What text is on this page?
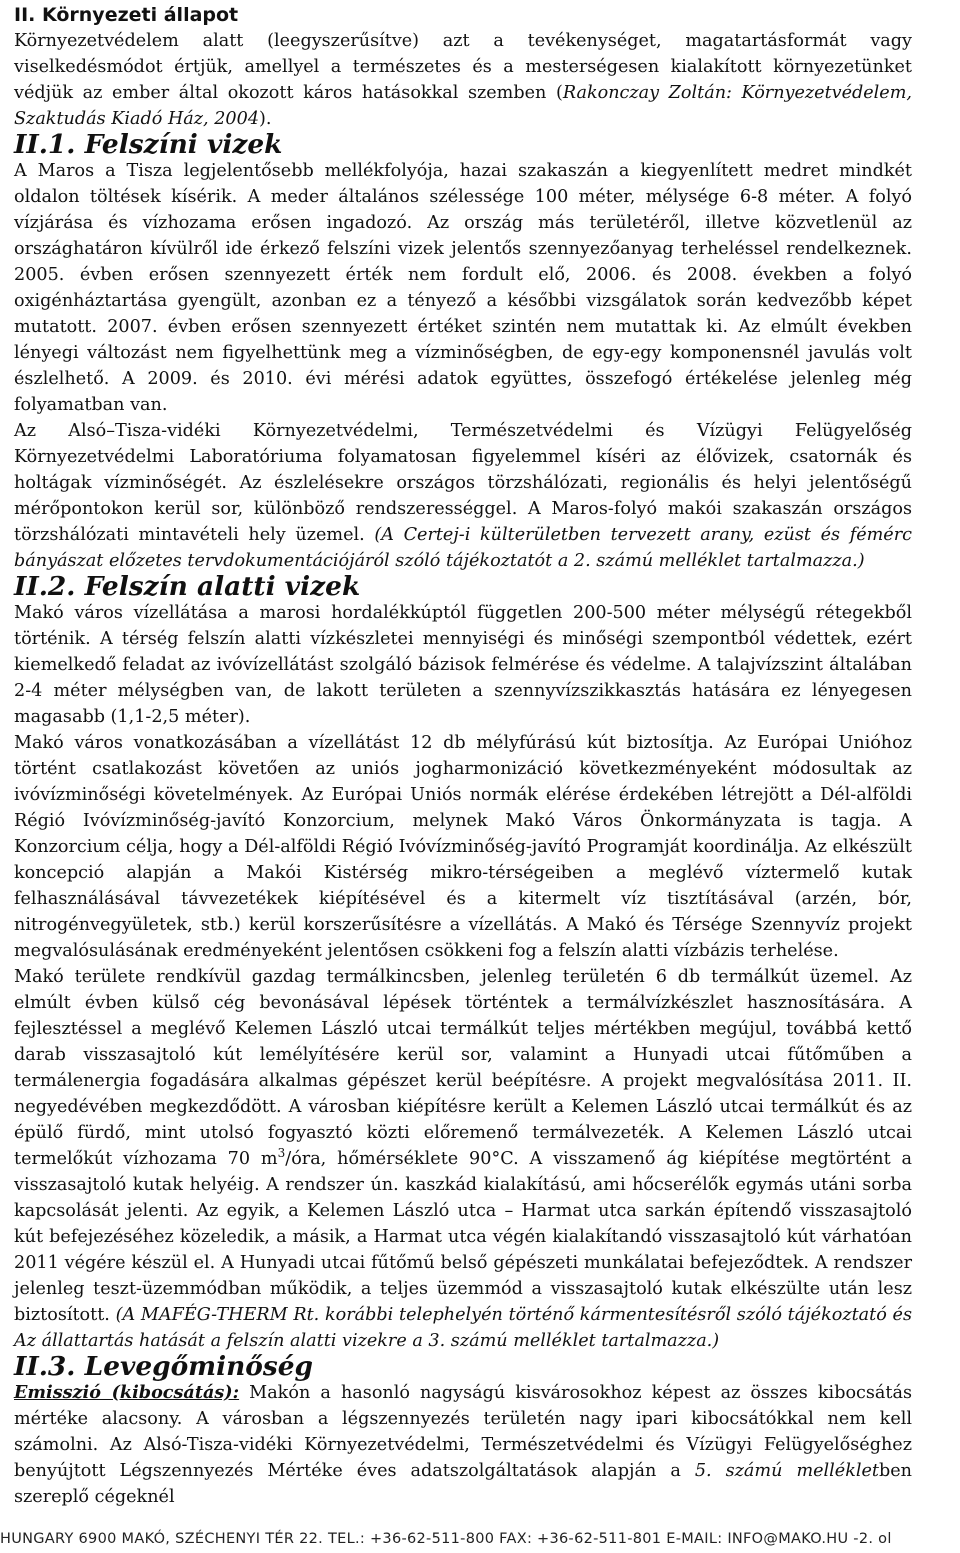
II. Környezeti állapot

Környezetvédelem alatt (leegyszerűsítve) azt a tevékenységet, magatartásformát vagy viselkedésmódot értjük, amellyel a természetes és a mesterségesen kialakított környezetünket védjük az ember által okozott káros hatásokkal szemben (Rakonczay Zoltán: Környezetvédelem, Szaktudás Kiadó Ház, 2004).

II.1. Felszíni vizek

A Maros a Tisza legjelentősebb mellékfolyója, hazai szakaszán a kiegyenlített medret mindkét oldalon töltések kísérik. A meder általános szélessége 100 méter, mélysége 6-8 méter. A folyó vízjárása és vízhozama erősen ingadozó. Az ország más területéről, illetve közvetlenül az országhatáron kívülről ide érkező felszíni vizek jelentős szennyezőanyag terheléssel rendelkeznek. 2005. évben erősen szennyezett érték nem fordult elő, 2006. és 2008. években a folyó oxigénháztartása gyengült, azonban ez a tényező a későbbi vizsgálatok során kedvezőbb képet mutatott. 2007. évben erősen szennyezett értéket szintén nem mutattak ki. Az elmúlt években lényegi változást nem figyelhettünk meg a vízminőségben, de egy-egy komponensnél javulás volt észlelhető. A 2009. és 2010. évi mérési adatok együttes, összefogó értékelése jelenleg még folyamatban van.

Az Alsó–Tisza-vidéki Környezetvédelmi, Természetvédelmi és Vízügyi Felügyelőség Környezetvédelmi Laboratóriuma folyamatosan figyelemmel kíséri az élővizek, csatornák és holtágak vízminőségét. Az észlelésekre országos törzshálózati, regionális és helyi jelentőségű mérőpontokon kerül sor, különböző rendszerességgel. A Maros-folyó makói szakaszán országos törzshálózati mintavételi hely üzemel. (A Certej-i külterületben tervezett arany, ezüst és fémérc bányászat előzetes tervdokumentációjáról szóló tájékoztatót a 2. számú melléklet tartalmazza.)

II.2. Felszín alatti vizek

Makó város vízellátása a marosi hordalékkúptól független 200-500 méter mélységű rétegekből történik. A térség felszín alatti vízkészletei mennyiségi és minőségi szempontból védettek, ezért kiemelkedő feladat az ivóvízellátást szolgáló bázisok felmérése és védelme. A talajvízszint általában 2-4 méter mélységben van, de lakott területen a szennyvízszikkasztás hatására ez lényegesen magasabb (1,1-2,5 méter).

Makó város vonatkozásában a vízellátást 12 db mélyfúrású kút biztosítja. Az Európai Unióhoz történt csatlakozást követően az uniós jogharmonizáció következményeként módosultak az ivóvízminőségi követelmények. Az Európai Uniós normák elérése érdekében létrejött a Dél-alföldi Régió Ivóvízminőség-javító Konzorcium, melynek Makó Város Önkormányzata is tagja. A Konzorcium célja, hogy a Dél-alföldi Régió Ivóvízminőség-javító Programját koordinálja. Az elkészült koncepció alapján a Makói Kistérség mikro-térségeiben a meglévő víztermelő kutak felhasználásával távvezetékek kiépítésével és a kitermelt víz tisztításával (arzén, bór, nitrogénvegyületek, stb.) kerül korszerűsítésre a vízellátás. A Makó és Térsége Szennyvíz projekt megvalósulásának eredményeként jelentősen csökkeni fog a felszín alatti vízbázis terhelése.

Makó területe rendkívül gazdag termálkincsben, jelenleg területén 6 db termálkút üzemel. Az elmúlt évben külső cég bevonásával lépések történtek a termálvízkészlet hasznosítására. A fejlesztéssel a meglévő Kelemen László utcai termálkút teljes mértékben megújul, továbbá kettő darab visszasajtoló kút lemélyítésére kerül sor, valamint a Hunyadi utcai fűtőműben a termálenergia fogadására alkalmas gépészet kerül beépítésre. A projekt megvalósítása 2011. II. negyedévében megkezdődött. A városban kiépítésre került a Kelemen László utcai termálkút és az épülő fürdő, mint utolsó fogyasztó közti előremenő termálvezeték. A Kelemen László utcai termelőkút vízhozama 70 $m^3$/óra, hőmérséklete 90°C. A visszamenő ág kiépítése megtörtént a visszasajtoló kutak helyéig. A rendszer ún. kaszkád kialakítású, ami hőcserélők egymás utáni sorba kapcsolását jelenti. Az egyik, a Kelemen László utca – Harmat utca sarkán építendő visszasajtoló kút befejezéséhez közeledik, a másik, a Harmat utca végén kialakítandó visszasajtoló kút várhatóan 2011 végére készül el. A Hunyadi utcai fűtőmű belső gépészeti munkálatai befejeződtek. A rendszer jelenleg teszt-üzemmódban működik, a teljes üzemmód a visszasajtoló kutak elkészülte után lesz biztosított. (A MAFÉG-THERM Rt. korábbi telephelyén történő kármentesítésről szóló tájékoztató és Az állattartás hatását a felszín alatti vizekre a 3. számú melléklet tartalmazza.)

II.3. Levegőminőség

Emisszió (kibocsátás): Makón a hasonló nagyságú kisvárosokhoz képest az összes kibocsátás mértéke alacsony. A városban a légszennyezés területén nagy ipari kibocsátókkal nem kell számolni. Az Alsó-Tisza-vidéki Környezetvédelmi, Természetvédelmi és Vízügyi Felügyelőséghez benyújtott Légszennyezés Mértéke éves adatszolgáltatások alapján a 5. számú mellékletben szereplő cégeknél

HUNGARY 6900 MAKÓ, SZÉCHENYI TÉR 22. TEL.: +36-62-511-800 FAX: +36-62-511-801 E-MAIL: INFO@MAKO.HU -2. ol
